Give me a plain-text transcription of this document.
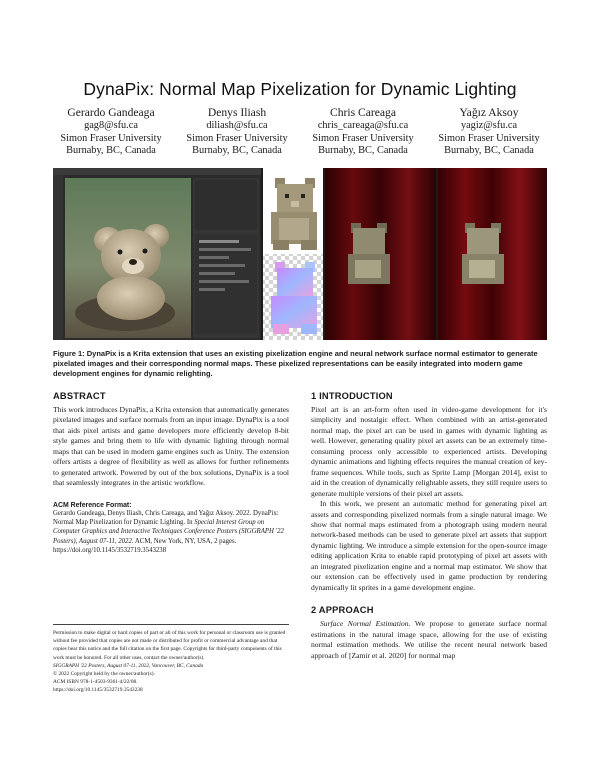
DynaPix: Normal Map Pixelization for Dynamic Lighting
Gerardo Gandeaga
gag8@sfu.ca
Simon Fraser University
Burnaby, BC, Canada
Denys Iliash
diliash@sfu.ca
Simon Fraser University
Burnaby, BC, Canada
Chris Careaga
chris_careaga@sfu.ca
Simon Fraser University
Burnaby, BC, Canada
Yağız Aksoy
yagiz@sfu.ca
Simon Fraser University
Burnaby, BC, Canada
Figure 1: DynaPix is a Krita extension that uses an existing pixelization engine and neural network surface normal estimator to generate pixelated images and their corresponding normal maps. These pixelized representations can be easily integrated into modern game development engines for dynamic relighting.
ABSTRACT

This work introduces DynaPix, a Krita extension that automatically generates pixelated images and surface normals from an input image. DynaPix is a tool that aids pixel artists and game developers more efficiently develop 8-bit style games and bring them to life with dynamic lighting through normal maps that can be used in modern game engines such as Unity. The extension offers artists a degree of flexibility as well as allows for further refinements to generated artwork. Powered by out of the box solutions, DynaPix is a tool that seamlessly integrates in the artistic workflow.

ACM Reference Format:

Gerardo Gandeaga, Denys Iliash, Chris Careaga, and Yağız Aksoy. 2022. DynaPix: Normal Map Pixelization for Dynamic Lighting. In Special Interest Group on Computer Graphics and Interactive Techniques Conference Posters (SIGGRAPH '22 Posters), August 07-11, 2022. ACM, New York, NY, USA, 2 pages. https://doi.org/10.1145/3532719.3543238

Permission to make digital or hard copies of part or all of this work for personal or classroom use is granted without fee provided that copies are not made or distributed for profit or commercial advantage and that copies bear this notice and the full citation on the first page. Copyrights for third-party components of this work must be honored. For all other uses, contact the owner/author(s).

SIGGRAPH '22 Posters, August 07-11, 2022, Vancouver, BC, Canada

© 2022 Copyright held by the owner/author(s).

ACM ISBN 978-1-4503-9361-4/22/08.

https://doi.org/10.1145/3532719.3543238

1 INTRODUCTION

Pixel art is an art-form often used in video-game development for it's simplicity and nostalgic effect. When combined with an artist-generated normal map, the pixel art can be used in games with dynamic lighting as well. However, generating quality pixel art assets can be an extremely time-consuming process only accessible to experienced artists. Developing dynamic animations and lighting effects requires the manual creation of key-frame sequences. While tools, such as Sprite Lamp [Morgan 2014], exist to aid in the creation of dynamically relightable assets, they still require users to generate multiple versions of their pixel art assets.

In this work, we present an automatic method for generating pixel art assets and corresponding pixelized normals from a single natural image. We show that normal maps estimated from a photograph using modern neural network-based methods can be used to generate pixel art assets that support dynamic lighting. We introduce a simple extension for the open-source image editing application Krita to enable rapid prototyping of pixel art assets with an integrated pixelization engine and a normal map estimator. We show that our extension can be effectively used in game production by rendering dynamically lit sprites in a game development engine.

2 APPROACH

Surface Normal Estimation. We propose to generate surface normal estimations in the natural image space, allowing for the use of existing normal estimation methods. We utilise the recent neural network based approach of [Zamir et al. 2020] for normal map
